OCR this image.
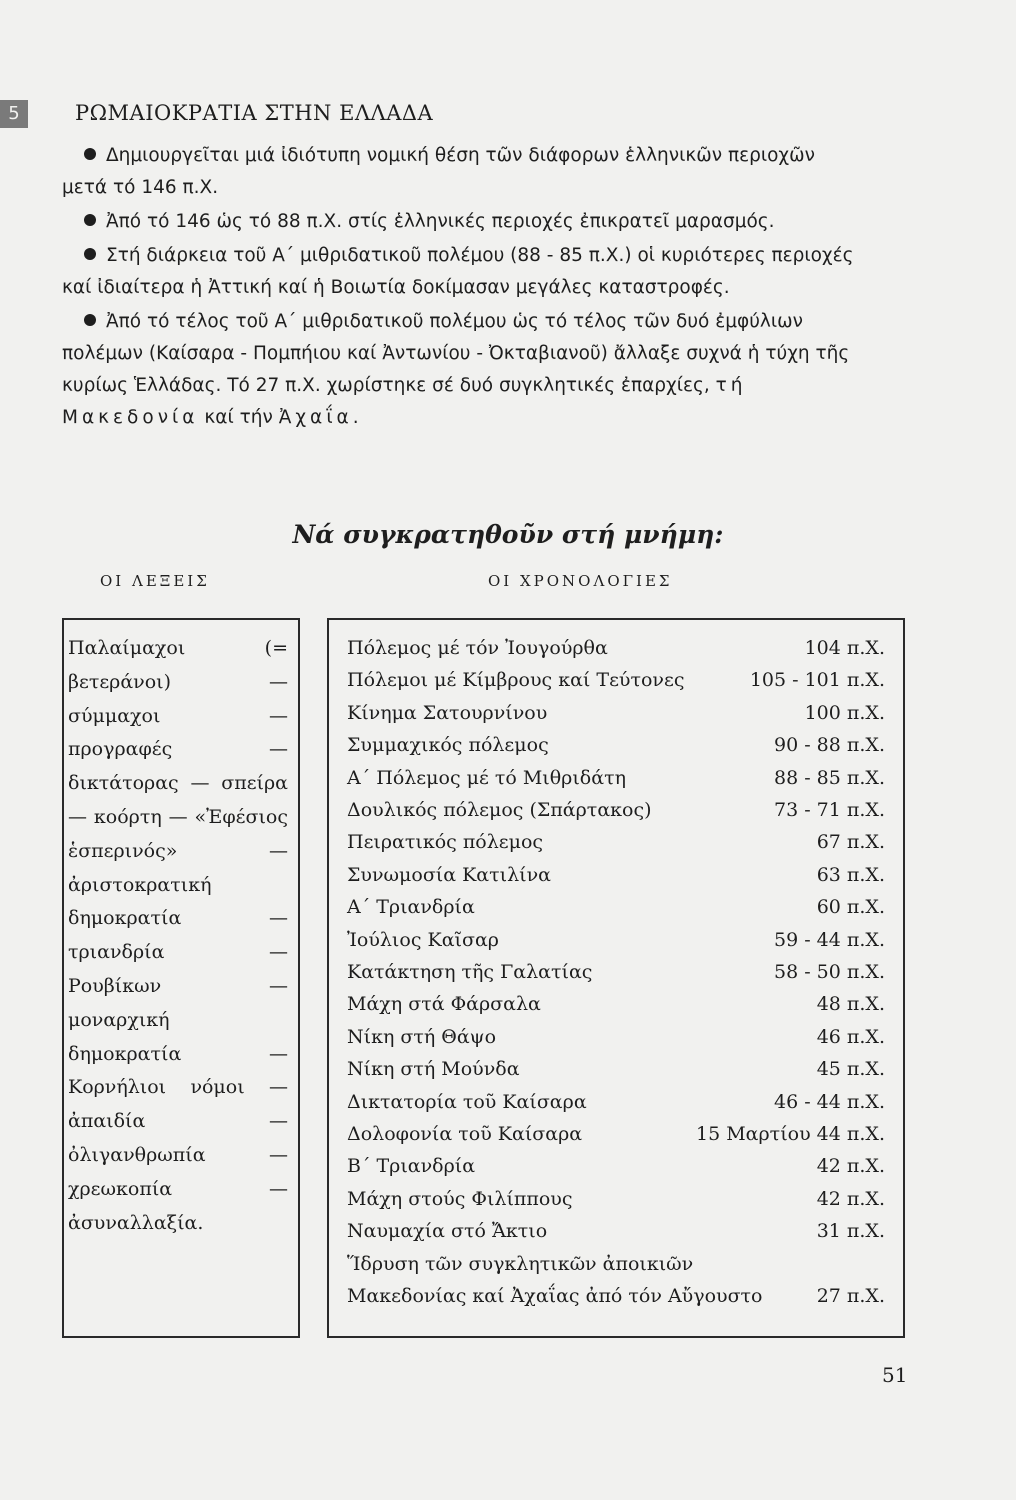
5	ΡΩΜΑΙΟΚΡΑΤΙΑ ΣΤΗΝ ΕΛΛΑΔΑ
Δημιουργεῖται μιά ἰδιότυπη νομική θέση τῶν διάφορων ἑλληνικῶν περιοχῶν μετά τό 146 π.Χ.
Ἀπό τό 146 ὡς τό 88 π.Χ. στίς ἑλληνικές περιοχές ἐπικρατεῖ μαρασμός.
Στή διάρκεια τοῦ Α΄ μιθριδατικοῦ πολέμου (88 - 85 π.Χ.) οἱ κυριότερες περιοχές καί ἰδιαίτερα ἡ Ἀττική καί ἡ Βοιωτία δοκίμασαν μεγάλες καταστροφές.
Ἀπό τό τέλος τοῦ Α΄ μιθριδατικοῦ πολέμου ὡς τό τέλος τῶν δυό ἐμφύλιων πολέμων (Καίσαρα - Πομπήιου καί Ἀντωνίου - Ὀκταβιανοῦ) ἄλλαξε συχνά ἡ τύχη τῆς κυρίως Ἑλλάδας. Τό 27 π.Χ. χωρίστηκε σέ δυό συγκλητικές ἐπαρχίες, τή Μακεδονία καί τήν Ἀχαΐα.
Νά συγκρατηθοῦν στή μνήμη:
ΟΙ ΛΕΞΕΙΣ	ΟΙ ΧΡΟΝΟΛΟΓΙΕΣ

Παλαίμαχοι (= βετεράνοι) — σύμμαχοι — προγραφές — δικτάτορας — σπείρα — κοόρτη — «Ἐφέσιος ἑσπερινός» — ἀριστοκρατική δημοκρατία — τριανδρία — Ρουβίκων — μοναρχική δημοκρατία — Κορνήλιοι νόμοι — ἀπαιδία — ὀλιγανθρωπία — χρεωκοπία — ἀσυναλλαξία.

Πόλεμος μέ τόν Ἰουγούρθα	104 π.Χ.
Πόλεμοι μέ Κίμβρους καί Τεύτονες	105 - 101 π.Χ.
Κίνημα Σατουρνίνου	100 π.Χ.
Συμμαχικός πόλεμος	90 - 88 π.Χ.
Α΄ Πόλεμος μέ τό Μιθριδάτη	88 - 85 π.Χ.
Δουλικός πόλεμος (Σπάρτακος)	73 - 71 π.Χ.
Πειρατικός πόλεμος	67 π.Χ.
Συνωμοσία Κατιλίνα	63 π.Χ.
Α΄ Τριανδρία	60 π.Χ.
Ἰούλιος Καῖσαρ	59 - 44 π.Χ.
Κατάκτηση τῆς Γαλατίας	58 - 50 π.Χ.
Μάχη στά Φάρσαλα	48 π.Χ.
Νίκη στή Θάψο	46 π.Χ.
Νίκη στή Μούνδα	45 π.Χ.
Δικτατορία τοῦ Καίσαρα	46 - 44 π.Χ.
Δολοφονία τοῦ Καίσαρα	15 Μαρτίου 44 π.Χ.
Β΄ Τριανδρία	42 π.Χ.
Μάχη στούς Φιλίππους	42 π.Χ.
Ναυμαχία στό Ἄκτιο	31 π.Χ.
Ἵδρυση τῶν συγκλητικῶν ἀποικιῶν
Μακεδονίας καί Ἀχαΐας ἀπό τόν Αὔγουστο	27 π.Χ.
51
